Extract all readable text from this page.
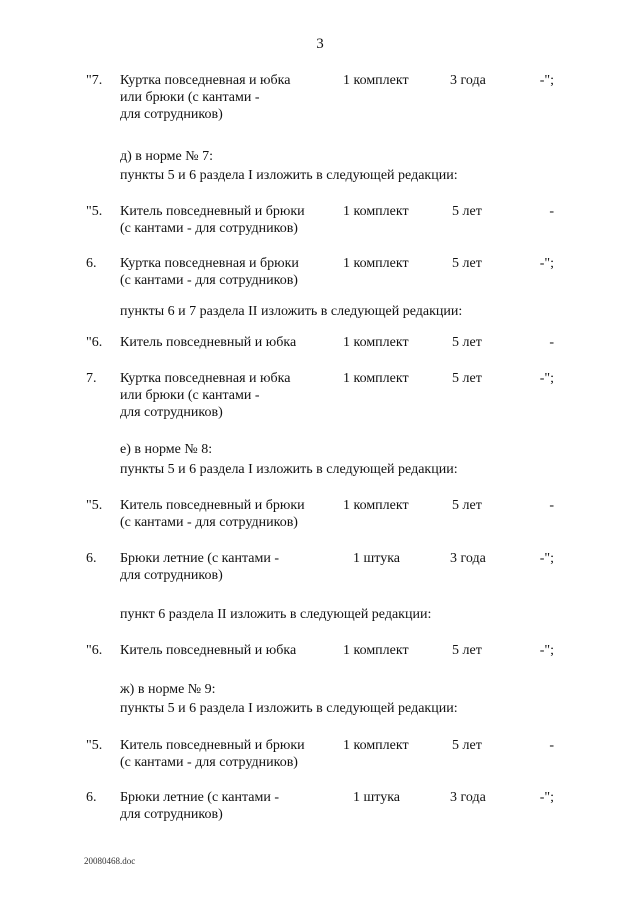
3
"7. Куртка повседневная и юбка
или брюки (с кантами -
для сотрудников)
1 комплект	3 года	-";
д) в норме № 7:
пункты 5 и 6 раздела I изложить в следующей редакции:
"5. Китель повседневный и брюки
(с кантами - для сотрудников)
1 комплект	5 лет	-
6. Куртка повседневная и брюки
(с кантами - для сотрудников)
1 комплект	5 лет	-";
пункты 6 и 7 раздела II изложить в следующей редакции:
"6. Китель повседневный и юбка	1 комплект	5 лет	-
7. Куртка повседневная и юбка
или брюки (с кантами -
для сотрудников)
1 комплект	5 лет	-";
е) в норме № 8:
пункты 5 и 6 раздела I изложить в следующей редакции:
"5. Китель повседневный и брюки
(с кантами - для сотрудников)
1 комплект	5 лет	-
6. Брюки летние (с кантами -
для сотрудников)
1 штука	3 года	-";
пункт 6 раздела II изложить в следующей редакции:
"6. Китель повседневный и юбка	1 комплект	5 лет	-";
ж) в норме № 9:
пункты 5 и 6 раздела I изложить в следующей редакции:
"5. Китель повседневный и брюки
(с кантами - для сотрудников)
1 комплект	5 лет	-
6. Брюки летние (с кантами -
для сотрудников)
1 штука	3 года	-";
20080468.doc
